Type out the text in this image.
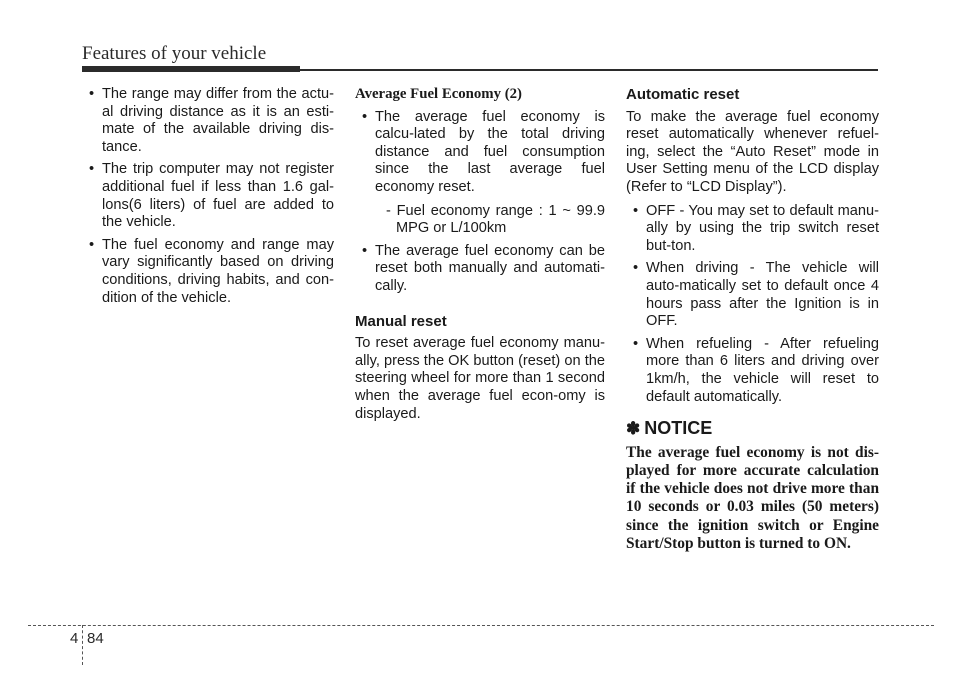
Features of your vehicle
• The range may differ from the actu-al driving distance as it is an esti-mate of the available driving dis-tance.
• The trip computer may not register additional fuel if less than 1.6 gal-lons(6 liters) of fuel are added to the vehicle.
• The fuel economy and range may vary significantly based on driving conditions, driving habits, and con-dition of the vehicle.
Average Fuel Economy (2)
• The average fuel economy is calcu-lated by the total driving distance and fuel consumption since the last average fuel economy reset.
- Fuel economy range : 1 ~ 99.9 MPG or L/100km
• The average fuel economy can be reset both manually and automati-cally.
Manual reset

To reset average fuel economy manu-ally, press the OK button (reset) on the steering wheel for more than 1 second when the average fuel econ-omy is displayed.

Automatic reset

To make the average fuel economy reset automatically whenever refuel-ing, select the “Auto Reset” mode in User Setting menu of the LCD display (Refer to “LCD Display”).

• OFF - You may set to default manu-ally by using the trip switch reset but-ton.
• When driving - The vehicle will auto-matically set to default once 4 hours pass after the Ignition is in OFF.
• When refueling - After refueling more than 6 liters and driving over 1km/h, the vehicle will reset to default automatically.
✽ NOTICE

The average fuel economy is not dis-played for more accurate calculation if the vehicle does not drive more than 10 seconds or 0.03 miles (50 meters) since the ignition switch or Engine Start/Stop button is turned to ON.

4 84
